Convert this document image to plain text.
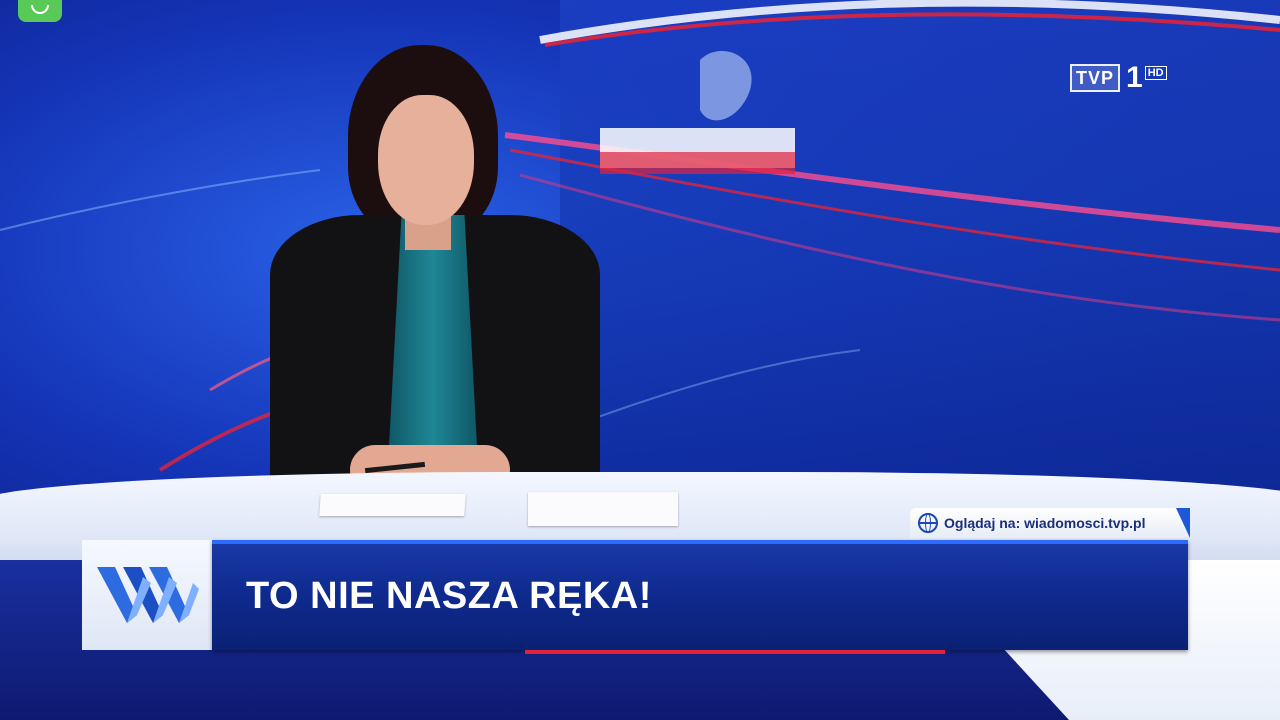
TVP 1 HD
Oglądaj na: wiadomosci.tvp.pl
TO NIE NASZA RĘKA!
